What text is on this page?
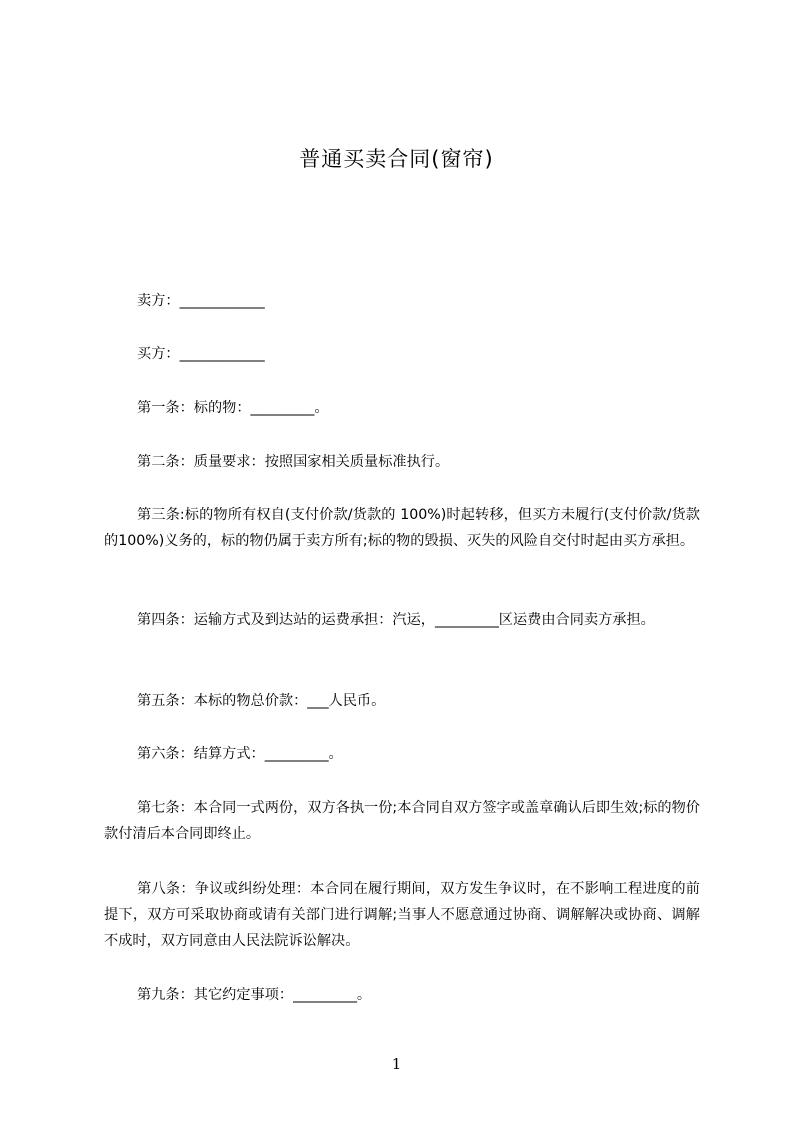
普通买卖合同(窗帘)

卖方：____________

买方：____________

第一条：标的物：_________。

第二条：质量要求：按照国家相关质量标准执行。

第三条:标的物所有权自(支付价款/货款的 100%)时起转移，但买方未履行(支付价款/货款的100%)义务的，标的物仍属于卖方所有;标的物的毁损、灭失的风险自交付时起由买方承担。

第四条：运输方式及到达站的运费承担：汽运，_________区运费由合同卖方承担。

第五条：本标的物总价款：___人民币。

第六条：结算方式：_________。

第七条：本合同一式两份，双方各执一份;本合同自双方签字或盖章确认后即生效;标的物价款付清后本合同即终止。

第八条：争议或纠纷处理：本合同在履行期间，双方发生争议时，在不影响工程进度的前提下，双方可采取协商或请有关部门进行调解;当事人不愿意通过协商、调解解决或协商、调解不成时，双方同意由人民法院诉讼解决。

第九条：其它约定事项：_________。

1
